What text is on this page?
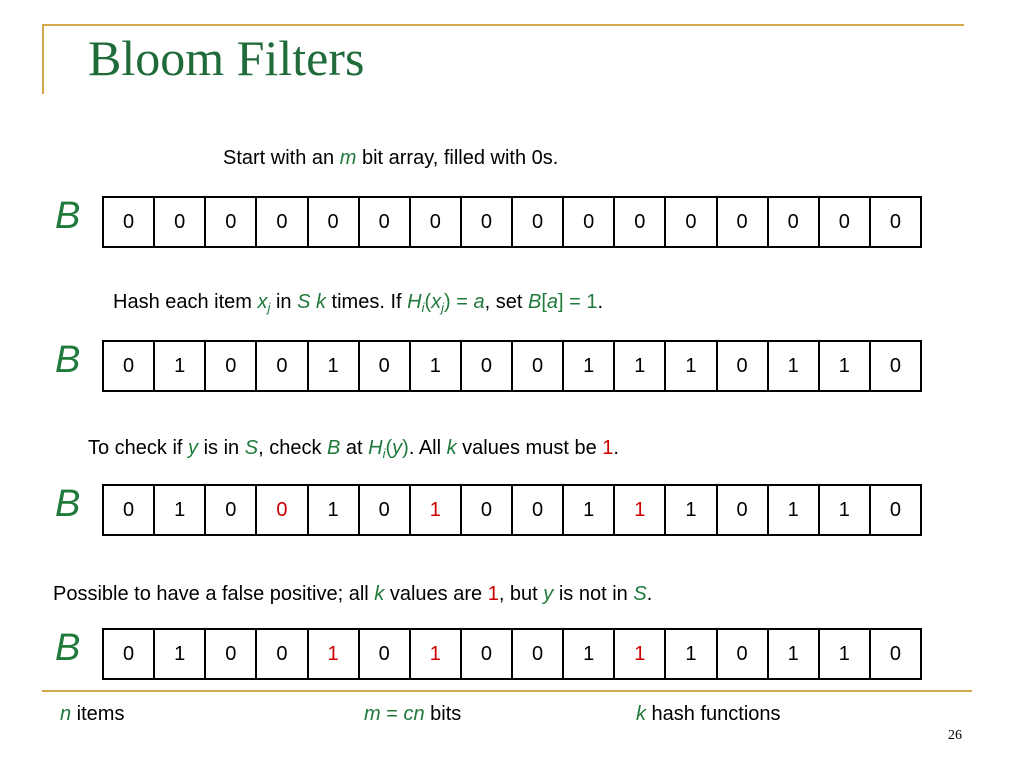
Bloom Filters
Start with an m bit array, filled with 0s.
B	0	0	0	0	0	0	0	0	0	0	0	0	0	0	0	0
Hash each item $x_j$ in S k times. If $H_i(x_j) = a$, set B[a] = 1.
B	0	1	0	0	1	0	1	0	0	1	1	1	0	1	1	0
To check if y is in S, check B at $H_i(y)$. All k values must be 1.
B	0	1	0	0	1	0	1	0	0	1	1	1	0	1	1	0
Possible to have a false positive; all k values are 1, but y is not in S.
B	0	1	0	0	1	0	1	0	0	1	1	1	0	1	1	0
n items	m = cn bits	k hash functions
26
